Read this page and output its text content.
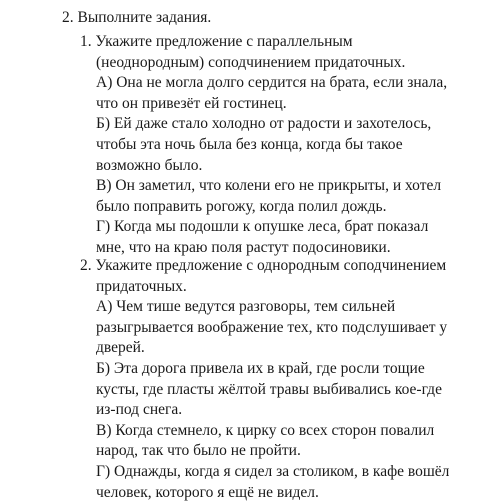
2. Выполните задания.
1. Укажите предложение с параллельным
(неоднородным) соподчинением придаточных.
А) Она не могла долго сердится на брата, если знала,
что он привезёт ей гостинец.
Б) Ей даже стало холодно от радости и захотелось,
чтобы эта ночь была без конца, когда бы такое
возможно было.
В) Он заметил, что колени его не прикрыты, и хотел
было поправить рогожу, когда полил дождь.
Г) Когда мы подошли к опушке леса, брат показал
мне, что на краю поля растут подосиновики.
2. Укажите предложение с однородным соподчинением
придаточных.
А) Чем тише ведутся разговоры, тем сильней
разыгрывается воображение тех, кто подслушивает у
дверей.
Б) Эта дорога привела их в край, где росли тощие
кусты, где пласты жёлтой травы выбивались кое-где
из-под снега.
В) Когда стемнело, к цирку со всех сторон повалил
народ, так что было не пройти.
Г) Однажды, когда я сидел за столиком, в кафе вошёл
человек, которого я ещё не видел.
